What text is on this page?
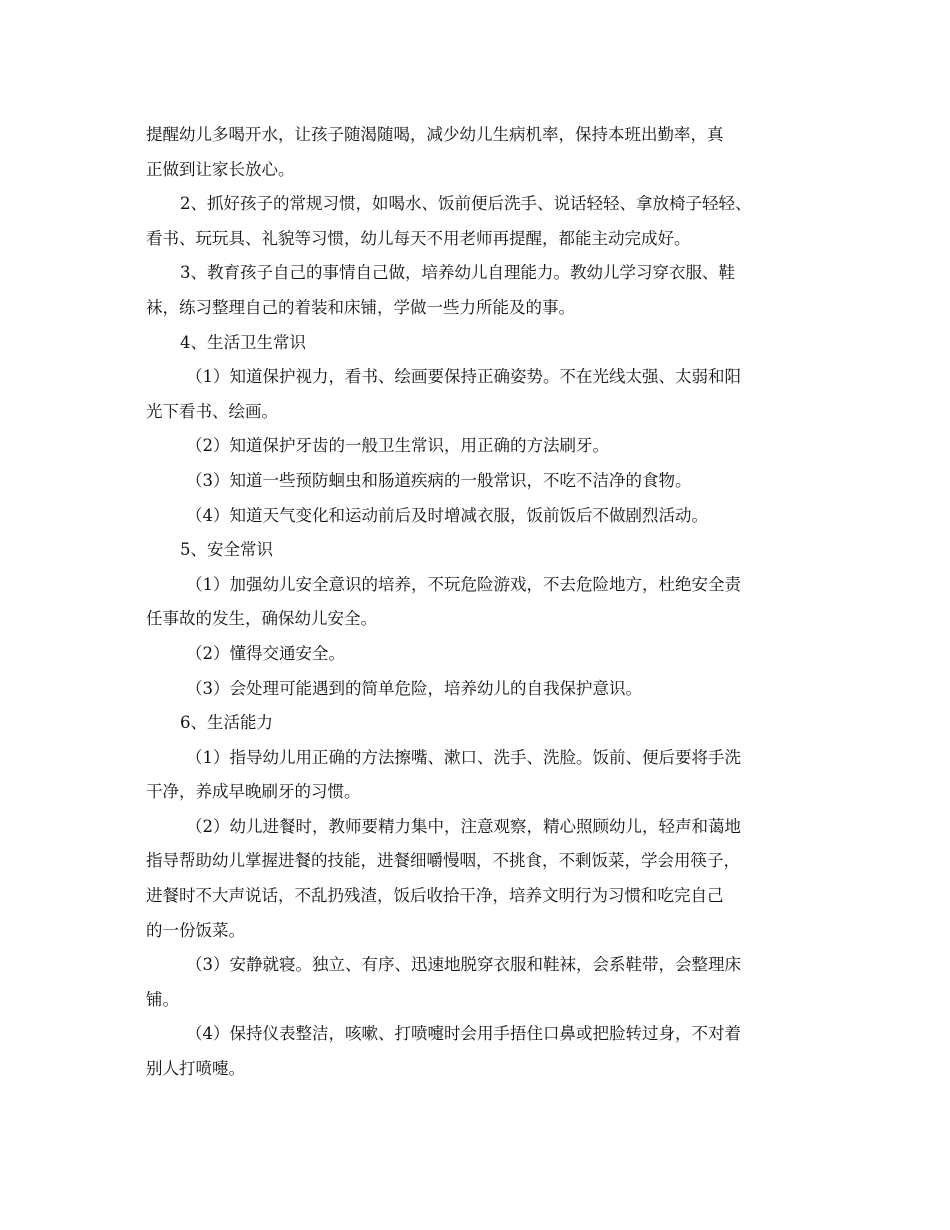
提醒幼儿多喝开水，让孩子随渴随喝，减少幼儿生病机率，保持本班出勤率，真
正做到让家长放心。
2、抓好孩子的常规习惯，如喝水、饭前便后洗手、说话轻轻、拿放椅子轻轻、
看书、玩玩具、礼貌等习惯，幼儿每天不用老师再提醒，都能主动完成好。
3、教育孩子自己的事情自己做，培养幼儿自理能力。教幼儿学习穿衣服、鞋
袜，练习整理自己的着装和床铺，学做一些力所能及的事。
4、生活卫生常识
（1）知道保护视力，看书、绘画要保持正确姿势。不在光线太强、太弱和阳
光下看书、绘画。
（2）知道保护牙齿的一般卫生常识，用正确的方法刷牙。
（3）知道一些预防蛔虫和肠道疾病的一般常识，不吃不洁净的食物。
（4）知道天气变化和运动前后及时增减衣服，饭前饭后不做剧烈活动。
5、安全常识
（1）加强幼儿安全意识的培养，不玩危险游戏，不去危险地方，杜绝安全责
任事故的发生，确保幼儿安全。
（2）懂得交通安全。
（3）会处理可能遇到的简单危险，培养幼儿的自我保护意识。
6、生活能力
（1）指导幼儿用正确的方法擦嘴、漱口、洗手、洗脸。饭前、便后要将手洗
干净，养成早晚刷牙的习惯。
（2）幼儿进餐时，教师要精力集中，注意观察，精心照顾幼儿，轻声和蔼地
指导帮助幼儿掌握进餐的技能，进餐细嚼慢咽，不挑食，不剩饭菜，学会用筷子，
进餐时不大声说话，不乱扔残渣，饭后收拾干净，培养文明行为习惯和吃完自己
的一份饭菜。
（3）安静就寝。独立、有序、迅速地脱穿衣服和鞋袜，会系鞋带，会整理床
铺。
（4）保持仪表整洁，咳嗽、打喷嚏时会用手捂住口鼻或把脸转过身，不对着
别人打喷嚏。
